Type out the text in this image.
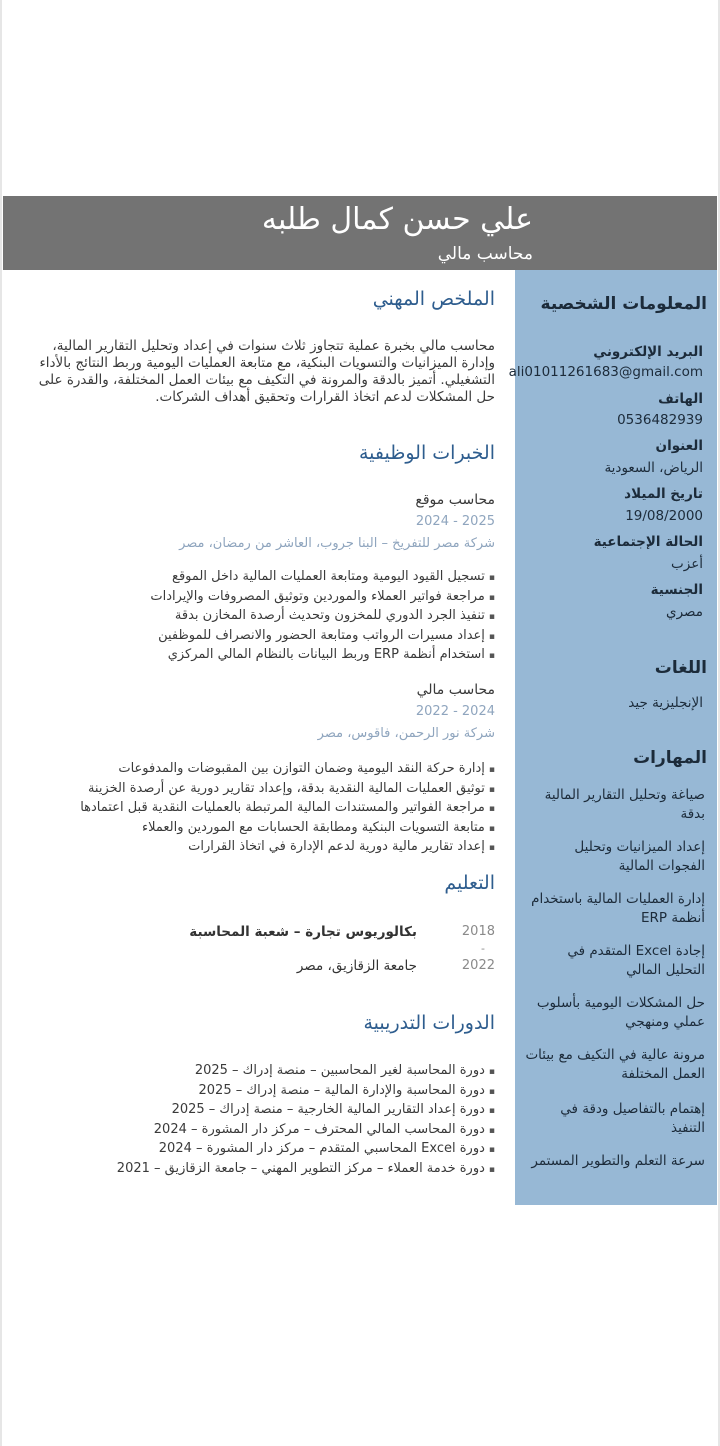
علي حسن كمال طلبه
محاسب مالي
المعلومات الشخصية
البريد الإلكتروني
ali01011261683@gmail.com
الهاتف
0536482939
العنوان
الرياض، السعودية
تاريخ الميلاد
19/08/2000
الحالة الإجتماعية
أعزب
الجنسية
مصري
اللغات
الإنجليزية جيد
المهارات
صياغة وتحليل التقارير المالية بدقة
إعداد الميزانيات وتحليل الفجوات المالية
إدارة العمليات المالية باستخدام أنظمة ERP
إجادة Excel المتقدم في التحليل المالي
حل المشكلات اليومية بأسلوب عملي ومنهجي
مرونة عالية في التكيف مع بيئات العمل المختلفة
إهتمام بالتفاصيل ودقة في التنفيذ
سرعة التعلم والتطوير المستمر
الملخص المهني
محاسب مالي بخبرة عملية تتجاوز ثلاث سنوات في إعداد وتحليل التقارير المالية، وإدارة الميزانيات والتسويات البنكية، مع متابعة العمليات اليومية وربط النتائج بالأداء التشغيلي. أتميز بالدقة والمرونة في التكيف مع بيئات العمل المختلفة، والقدرة على حل المشكلات لدعم اتخاذ القرارات وتحقيق أهداف الشركات.
الخبرات الوظيفية
محاسب موقع
2024 - 2025
شركة مصر للتفريخ – البنا جروب، العاشر من رمضان، مصر
▪ تسجيل القيود اليومية ومتابعة العمليات المالية داخل الموقع
▪ مراجعة فواتير العملاء والموردين وتوثيق المصروفات والإيرادات
▪ تنفيذ الجرد الدوري للمخزون وتحديث أرصدة المخازن بدقة
▪ إعداد مسيرات الرواتب ومتابعة الحضور والانصراف للموظفين
▪ استخدام أنظمة ERP وربط البيانات بالنظام المالي المركزي
محاسب مالي
2022 - 2024
شركة نور الرحمن، فاقوس، مصر
▪ إدارة حركة النقد اليومية وضمان التوازن بين المقبوضات والمدفوعات
▪ توثيق العمليات المالية النقدية بدقة، وإعداد تقارير دورية عن أرصدة الخزينة
▪ مراجعة الفواتير والمستندات المالية المرتبطة بالعمليات النقدية قبل اعتمادها
▪ متابعة التسويات البنكية ومطابقة الحسابات مع الموردين والعملاء
▪ إعداد تقارير مالية دورية لدعم الإدارة في اتخاذ القرارات
التعليم
2018
-
2022
بكالوريوس تجارة – شعبة المحاسبة
جامعة الزقازيق، مصر
الدورات التدريبية
▪ دورة المحاسبة لغير المحاسبين – منصة إدراك – 2025
▪ دورة المحاسبة والإدارة المالية – منصة إدراك – 2025
▪ دورة إعداد التقارير المالية الخارجية – منصة إدراك – 2025
▪ دورة المحاسب المالي المحترف – مركز دار المشورة – 2024
▪ دورة Excel المحاسبي المتقدم – مركز دار المشورة – 2024
▪ دورة خدمة العملاء – مركز التطوير المهني – جامعة الزقازيق – 2021
